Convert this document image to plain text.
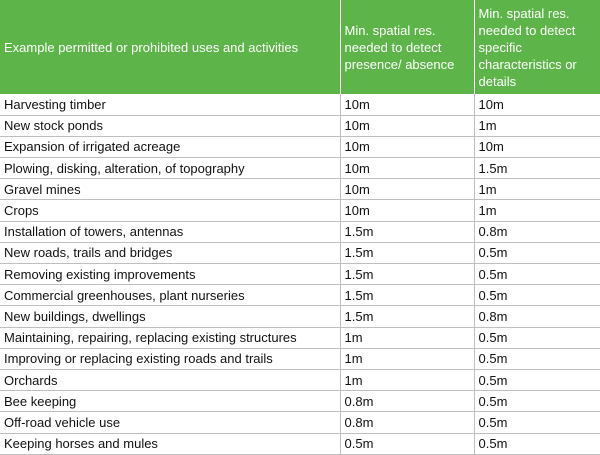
Example permitted or prohibited uses and activities	Min. spatial res. needed to detect presence/ absence	Min. spatial res. needed to detect specific characteristics or details
Harvesting timber	10m	10m
New stock ponds	10m	1m
Expansion of irrigated acreage	10m	10m
Plowing, disking, alteration, of topography	10m	1.5m
Gravel mines	10m	1m
Crops	10m	1m
Installation of towers, antennas	1.5m	0.8m
New roads, trails and bridges	1.5m	0.5m
Removing existing improvements	1.5m	0.5m
Commercial greenhouses, plant nurseries	1.5m	0.5m
New buildings, dwellings	1.5m	0.8m
Maintaining, repairing, replacing existing structures	1m	0.5m
Improving or replacing existing roads and trails	1m	0.5m
Orchards	1m	0.5m
Bee keeping	0.8m	0.5m
Off-road vehicle use	0.8m	0.5m
Keeping horses and mules	0.5m	0.5m
